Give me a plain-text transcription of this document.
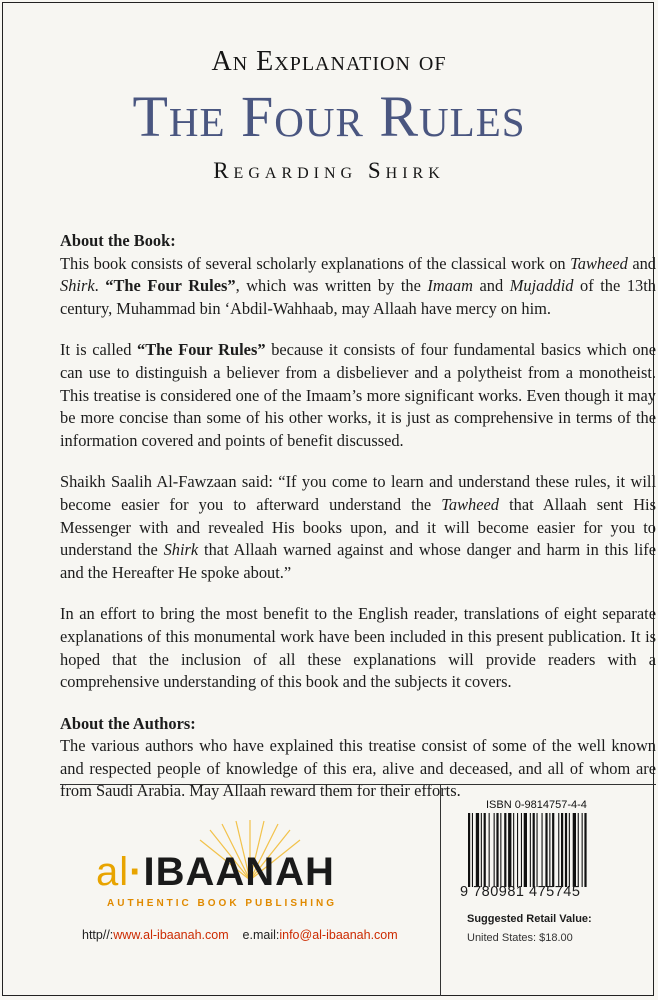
An Explanation of
The Four Rules
Regarding Shirk
About the Book:

This book consists of several scholarly explanations of the classical work on Tawheed and Shirk. “The Four Rules”, which was written by the Imaam and Mujaddid of the 13th century, Muhammad bin ‘Abdil-Wahhaab, may Allaah have mercy on him.

It is called “The Four Rules” because it consists of four fundamental basics which one can use to distinguish a believer from a disbeliever and a polytheist from a monotheist. This treatise is considered one of the Imaam’s more significant works. Even though it may be more concise than some of his other works, it is just as comprehensive in terms of the information covered and points of benefit discussed.

Shaikh Saalih Al-Fawzaan said: “If you come to learn and understand these rules, it will become easier for you to afterward understand the Tawheed that Allaah sent His Messenger with and revealed His books upon, and it will become easier for you to understand the Shirk that Allaah warned against and whose danger and harm in this life and the Hereafter He spoke about.”

In an effort to bring the most benefit to the English reader, translations of eight separate explanations of this monumental work have been included in this present publication. It is hoped that the inclusion of all these explanations will provide readers with a comprehensive understanding of this book and the subjects it covers.

About the Authors:

The various authors who have explained this treatise consist of some of the well known and respected people of knowledge of this era, alive and deceased, and all of whom are from Saudi Arabia. May Allaah reward them for their efforts.

al·IBAANAH
AUTHENTIC BOOK PUBLISHING
http//:www.al-ibaanah.com e.mail:info@al-ibaanah.com
ISBN 0-9814757-4-4
9 780981 475745
Suggested Retail Value:
United States: $18.00
